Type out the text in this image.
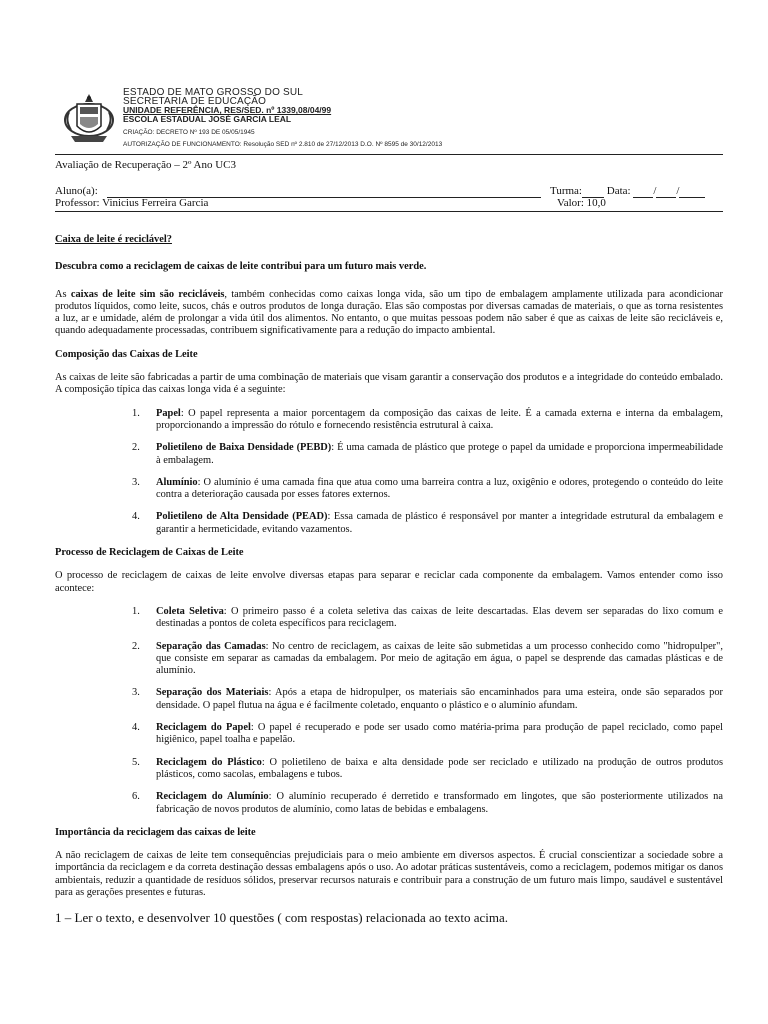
ESTADO DE MATO GROSSO DO SUL
SECRETARIA DE EDUCAÇÃO
UNIDADE REFERÊNCIA, RES/SED. nº 1339,08/04/99
ESCOLA ESTADUAL JOSÉ GARCIA LEAL
CRIAÇÃO: DECRETO Nº 193 DE 05/05/1945
AUTORIZAÇÃO DE FUNCIONAMENTO: Resolução SED nº 2.810 de 27/12/2013 D.O. Nº 8595 de 30/12/2013
Avaliação de Recuperação – 2º Ano UC3
Aluno(a):	Turma: Data: / /
Professor: Vinicius Ferreira Garcia	Valor: 10,0

Caixa de leite é reciclável?

Descubra como a reciclagem de caixas de leite contribui para um futuro mais verde.

As caixas de leite sim são recicláveis, também conhecidas como caixas longa vida, são um tipo de embalagem amplamente utilizada para acondicionar produtos líquidos, como leite, sucos, chás e outros produtos de longa duração. Elas são compostas por diversas camadas de materiais, o que as torna resistentes a luz, ar e umidade, além de prolongar a vida útil dos alimentos. No entanto, o que muitas pessoas podem não saber é que as caixas de leite são recicláveis e, quando adequadamente processadas, contribuem significativamente para a redução do impacto ambiental.

Composição das Caixas de Leite

As caixas de leite são fabricadas a partir de uma combinação de materiais que visam garantir a conservação dos produtos e a integridade do conteúdo embalado. A composição típica das caixas longa vida é a seguinte:

1. Papel: O papel representa a maior porcentagem da composição das caixas de leite. É a camada externa e interna da embalagem, proporcionando a impressão do rótulo e fornecendo resistência estrutural à caixa.
2. Polietileno de Baixa Densidade (PEBD): É uma camada de plástico que protege o papel da umidade e proporciona impermeabilidade à embalagem.
3. Alumínio: O alumínio é uma camada fina que atua como uma barreira contra a luz, oxigênio e odores, protegendo o conteúdo do leite contra a deterioração causada por esses fatores externos.
4. Polietileno de Alta Densidade (PEAD): Essa camada de plástico é responsável por manter a integridade estrutural da embalagem e garantir a hermeticidade, evitando vazamentos.

Processo de Reciclagem de Caixas de Leite

O processo de reciclagem de caixas de leite envolve diversas etapas para separar e reciclar cada componente da embalagem. Vamos entender como isso acontece:

1. Coleta Seletiva: O primeiro passo é a coleta seletiva das caixas de leite descartadas. Elas devem ser separadas do lixo comum e destinadas a pontos de coleta específicos para reciclagem.
2. Separação das Camadas: No centro de reciclagem, as caixas de leite são submetidas a um processo conhecido como "hidropulper", que consiste em separar as camadas da embalagem. Por meio de agitação em água, o papel se desprende das camadas plásticas e de alumínio.
3. Separação dos Materiais: Após a etapa de hidropulper, os materiais são encaminhados para uma esteira, onde são separados por densidade. O papel flutua na água e é facilmente coletado, enquanto o plástico e o alumínio afundam.
4. Reciclagem do Papel: O papel é recuperado e pode ser usado como matéria-prima para produção de papel reciclado, como papel higiênico, papel toalha e papelão.
5. Reciclagem do Plástico: O polietileno de baixa e alta densidade pode ser reciclado e utilizado na produção de outros produtos plásticos, como sacolas, embalagens e tubos.
6. Reciclagem do Alumínio: O alumínio recuperado é derretido e transformado em lingotes, que são posteriormente utilizados na fabricação de novos produtos de alumínio, como latas de bebidas e embalagens.

Importância da reciclagem das caixas de leite

A não reciclagem de caixas de leite tem consequências prejudiciais para o meio ambiente em diversos aspectos. É crucial conscientizar a sociedade sobre a importância da reciclagem e da correta destinação dessas embalagens após o uso. Ao adotar práticas sustentáveis, como a reciclagem, podemos mitigar os danos ambientais, reduzir a quantidade de resíduos sólidos, preservar recursos naturais e contribuir para a construção de um futuro mais limpo, saudável e sustentável para as gerações presentes e futuras.

1 – Ler o texto, e desenvolver 10 questões ( com respostas) relacionada ao texto acima.
